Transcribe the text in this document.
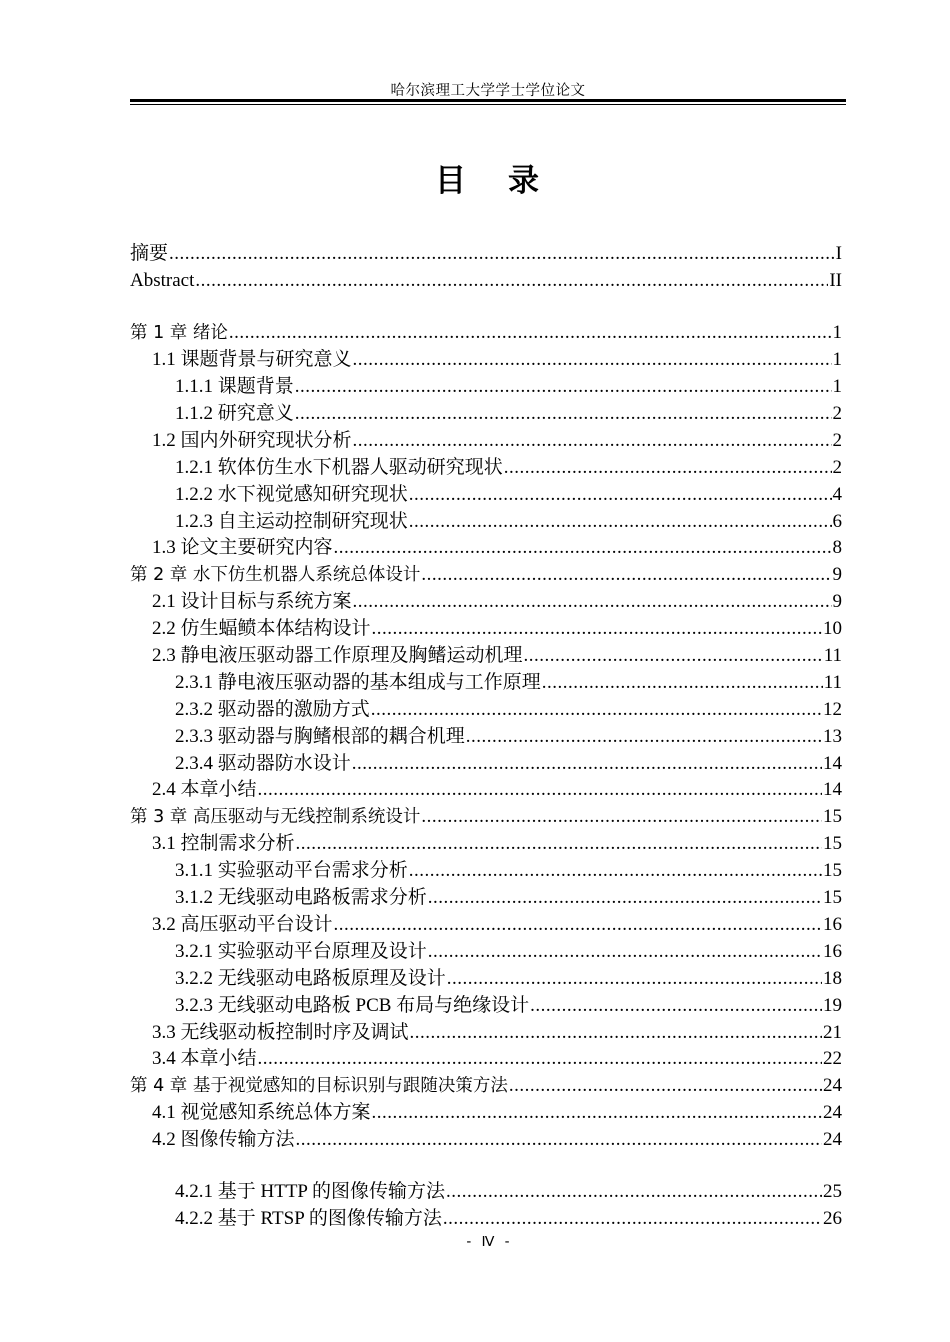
哈尔滨理工大学学士学位论文
目 录
摘要 .....	I
Abstract .....	II
第 1 章 绪论 .....	1
1.1 课题背景与研究意义 .....	1
1.1.1 课题背景 .....	1
1.1.2 研究意义 .....	2
1.2 国内外研究现状分析 .....	2
1.2.1 软体仿生水下机器人驱动研究现状 .....	2
1.2.2 水下视觉感知研究现状 .....	4
1.2.3 自主运动控制研究现状 .....	6
1.3 论文主要研究内容 .....	8
第 2 章 水下仿生机器人系统总体设计 .....	9
2.1 设计目标与系统方案 .....	9
2.2 仿生蝠鲼本体结构设计 .....	10
2.3 静电液压驱动器工作原理及胸鳍运动机理 .....	11
2.3.1 静电液压驱动器的基本组成与工作原理 .....	11
2.3.2 驱动器的激励方式 .....	12
2.3.3 驱动器与胸鳍根部的耦合机理 .....	13
2.3.4 驱动器防水设计 .....	14
2.4 本章小结 .....	14
第 3 章 高压驱动与无线控制系统设计 .....	15
3.1 控制需求分析 .....	15
3.1.1 实验驱动平台需求分析 .....	15
3.1.2 无线驱动电路板需求分析 .....	15
3.2 高压驱动平台设计 .....	16
3.2.1 实验驱动平台原理及设计 .....	16
3.2.2 无线驱动电路板原理及设计 .....	18
3.2.3 无线驱动电路板 PCB 布局与绝缘设计 .....	19
3.3 无线驱动板控制时序及调试 .....	21
3.4 本章小结 .....	22
第 4 章 基于视觉感知的目标识别与跟随决策方法 .....	24
4.1 视觉感知系统总体方案 .....	24
4.2 图像传输方法 .....	24
4.2.1 基于 HTTP 的图像传输方法 .....	25
4.2.2 基于 RTSP 的图像传输方法 .....	26
- Ⅳ -
